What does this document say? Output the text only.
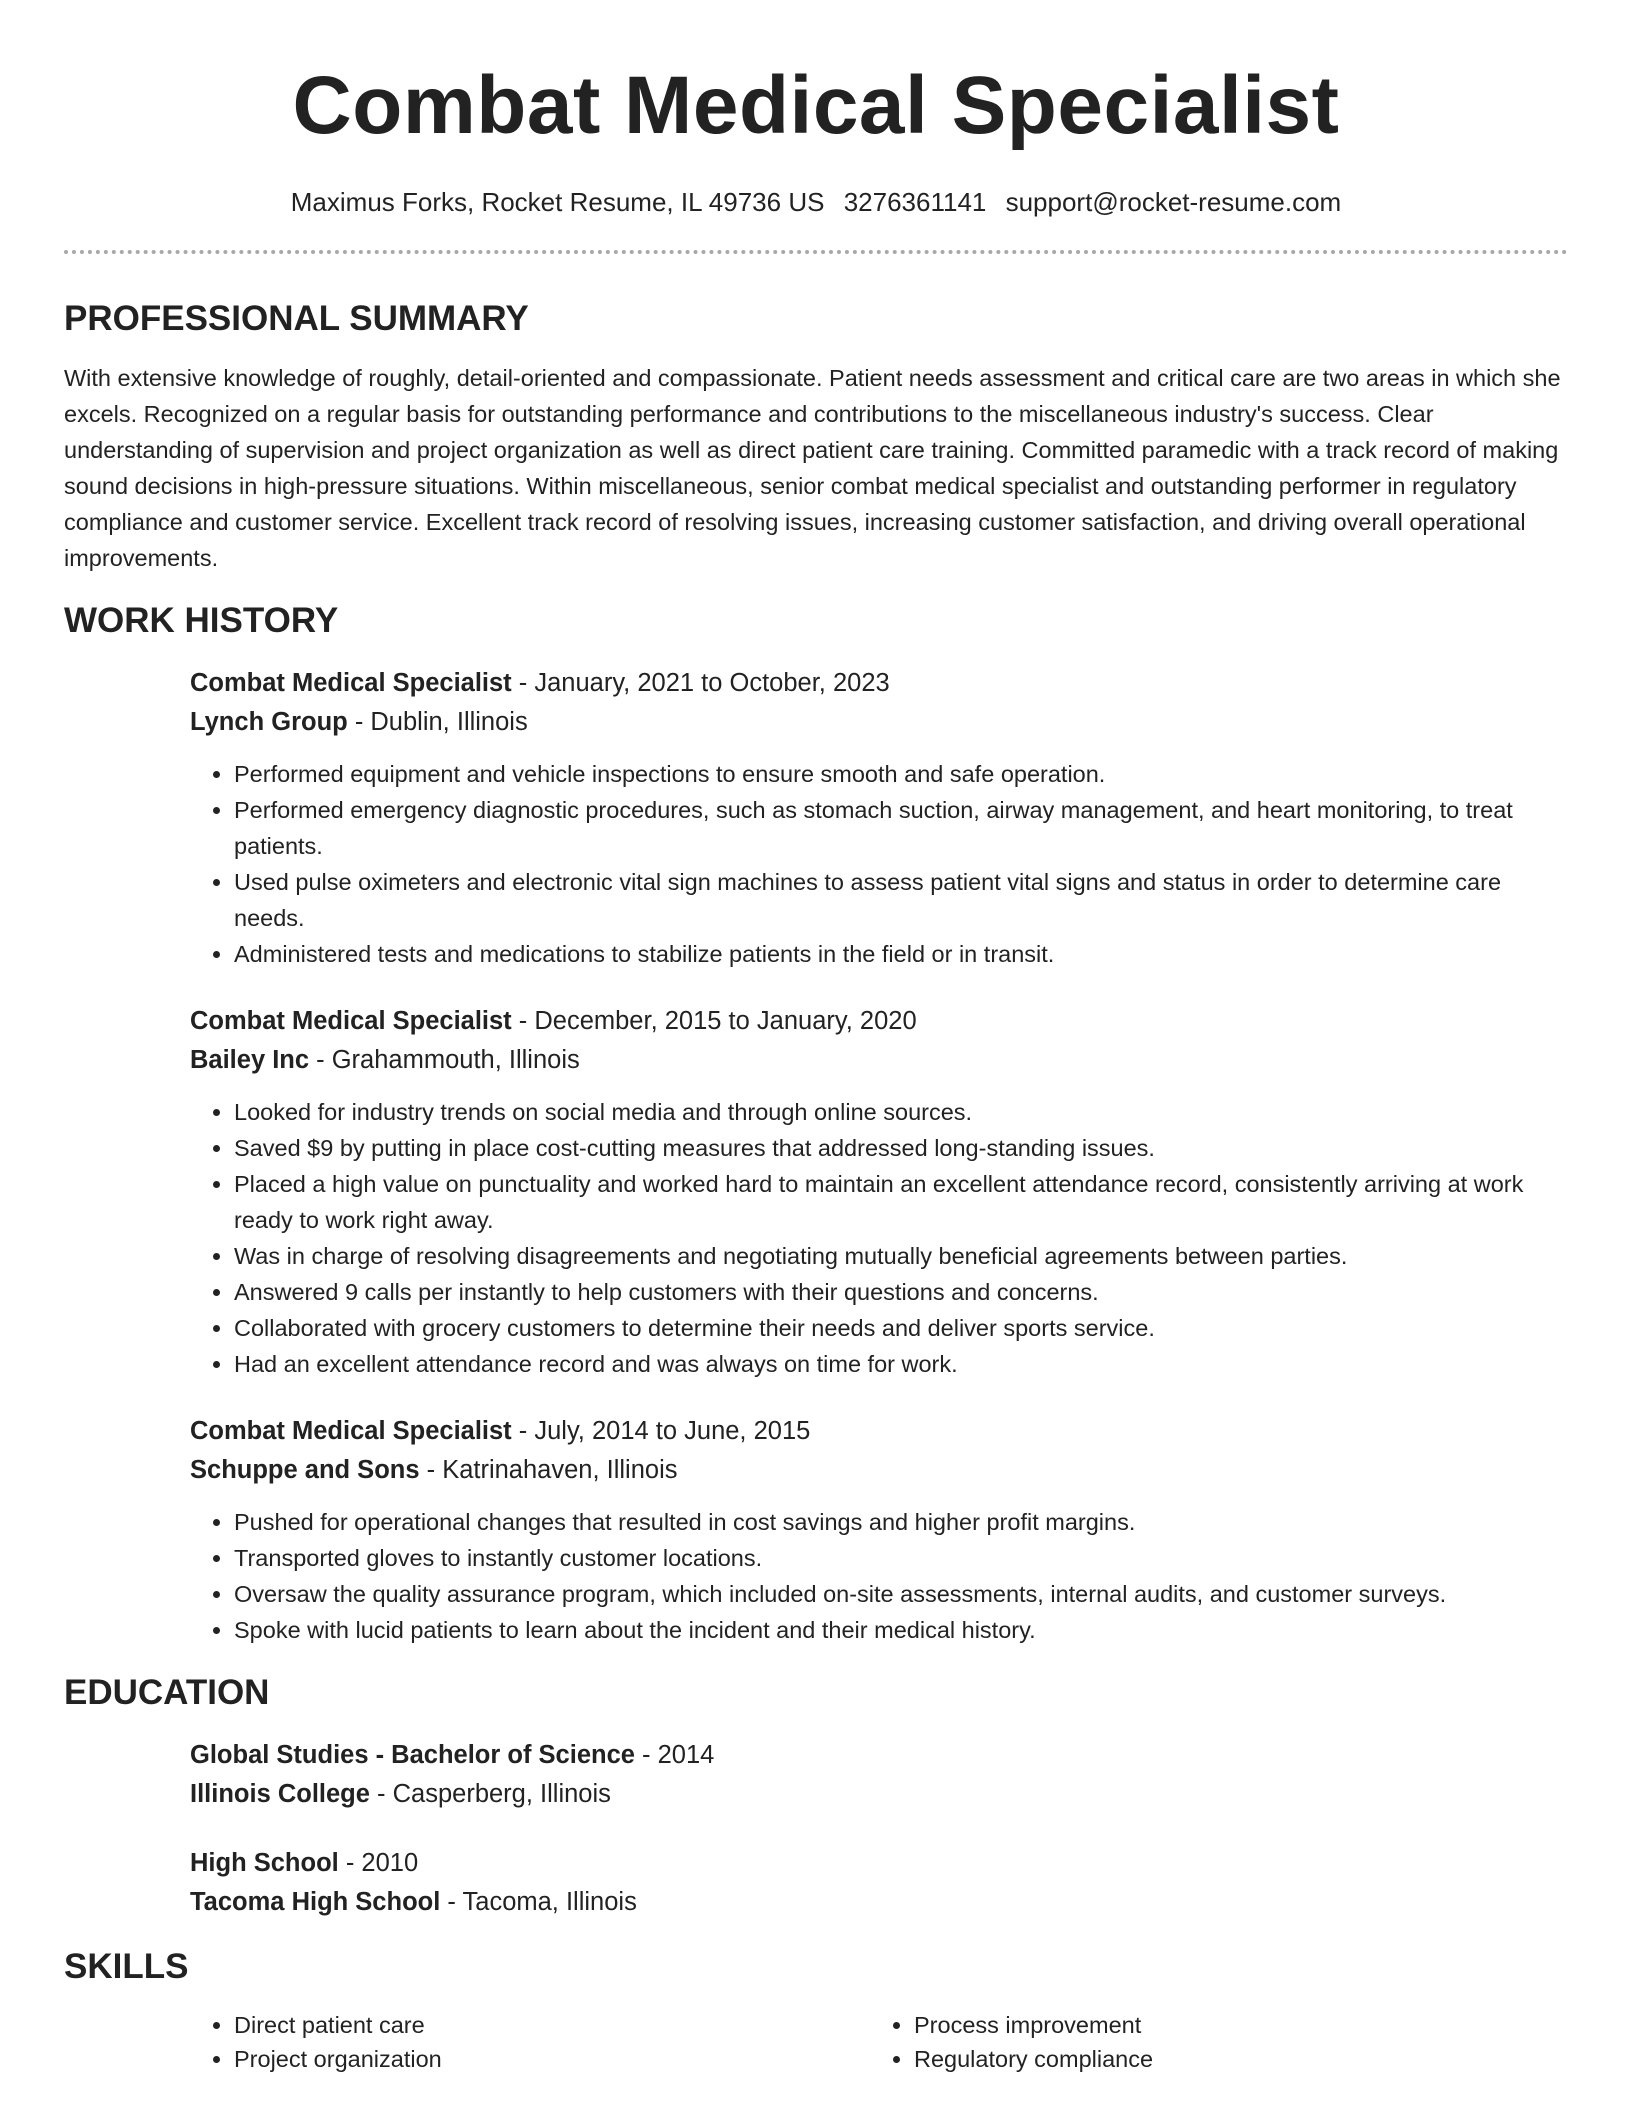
Combat Medical Specialist
Maximus Forks, Rocket Resume, IL 49736 US 3276361141 support@rocket-resume.com
PROFESSIONAL SUMMARY

With extensive knowledge of roughly, detail-oriented and compassionate. Patient needs assessment and critical care are two areas in which she excels. Recognized on a regular basis for outstanding performance and contributions to the miscellaneous industry's success. Clear understanding of supervision and project organization as well as direct patient care training. Committed paramedic with a track record of making sound decisions in high-pressure situations. Within miscellaneous, senior combat medical specialist and outstanding performer in regulatory compliance and customer service. Excellent track record of resolving issues, increasing customer satisfaction, and driving overall operational improvements.

WORK HISTORY
Combat Medical Specialist - January, 2021 to October, 2023
Lynch Group - Dublin, Illinois
• Performed equipment and vehicle inspections to ensure smooth and safe operation.
• Performed emergency diagnostic procedures, such as stomach suction, airway management, and heart monitoring, to treat patients.
• Used pulse oximeters and electronic vital sign machines to assess patient vital signs and status in order to determine care needs.
• Administered tests and medications to stabilize patients in the field or in transit.
Combat Medical Specialist - December, 2015 to January, 2020
Bailey Inc - Grahammouth, Illinois
• Looked for industry trends on social media and through online sources.
• Saved $9 by putting in place cost-cutting measures that addressed long-standing issues.
• Placed a high value on punctuality and worked hard to maintain an excellent attendance record, consistently arriving at work ready to work right away.
• Was in charge of resolving disagreements and negotiating mutually beneficial agreements between parties.
• Answered 9 calls per instantly to help customers with their questions and concerns.
• Collaborated with grocery customers to determine their needs and deliver sports service.
• Had an excellent attendance record and was always on time for work.
Combat Medical Specialist - July, 2014 to June, 2015
Schuppe and Sons - Katrinahaven, Illinois
• Pushed for operational changes that resulted in cost savings and higher profit margins.
• Transported gloves to instantly customer locations.
• Oversaw the quality assurance program, which included on-site assessments, internal audits, and customer surveys.
• Spoke with lucid patients to learn about the incident and their medical history.
EDUCATION
Global Studies - Bachelor of Science - 2014
Illinois College - Casperberg, Illinois
High School - 2010
Tacoma High School - Tacoma, Illinois
SKILLS
• Direct patient care
• Project organization
• Process improvement
• Regulatory compliance
